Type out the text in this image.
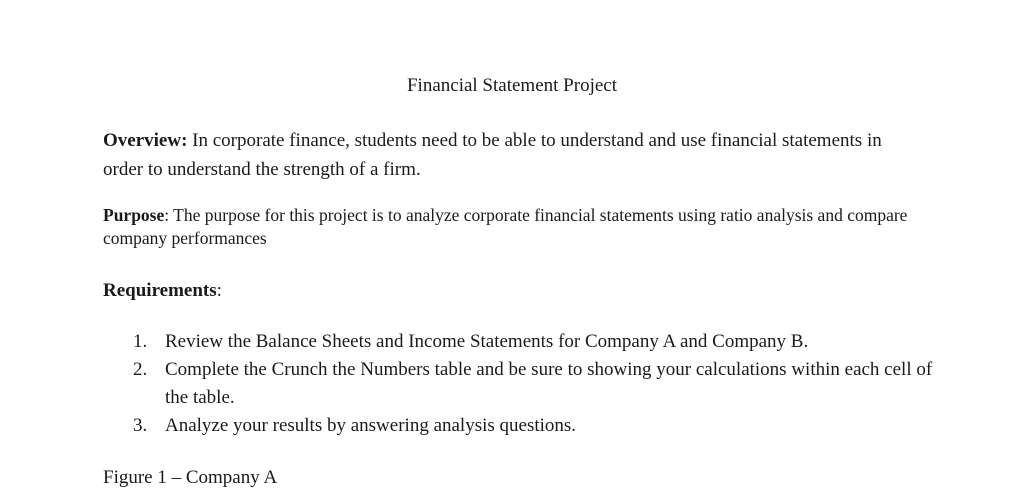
Financial Statement Project
Overview: In corporate finance, students need to be able to understand and use financial statements in order to understand the strength of a firm.
Purpose: The purpose for this project is to analyze corporate financial statements using ratio analysis and compare company performances
Requirements:
1. Review the Balance Sheets and Income Statements for Company A and Company B.
2. Complete the Crunch the Numbers table and be sure to showing your calculations within each cell of the table.
3. Analyze your results by answering analysis questions.
Figure 1 – Company A
